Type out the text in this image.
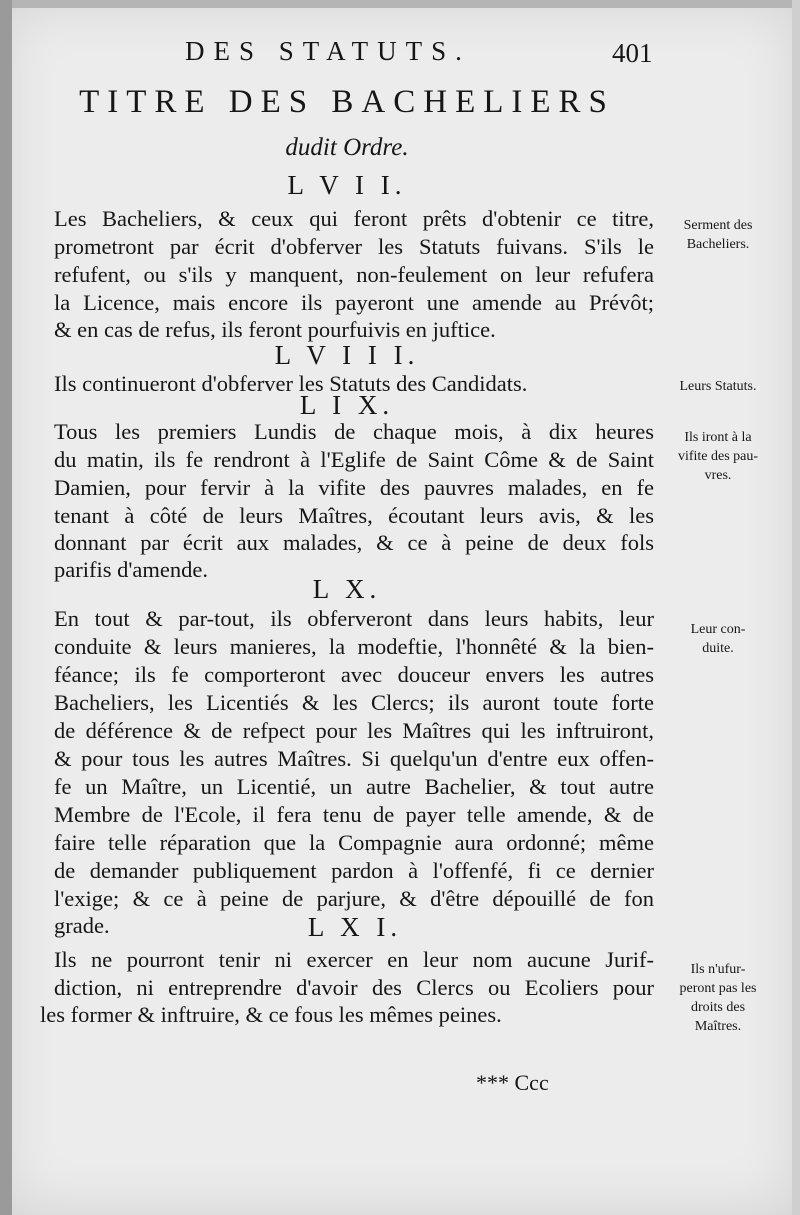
DES STATUTS.	401
TITRE DES BACHELIERS
dudit Ordre.
L V I I.
Les Bacheliers, & ceux qui feront prêts d'obtenir ce titre,
prometront par écrit d'obferver les Statuts fuivans. S'ils le
refufent, ou s'ils y manquent, non-feulement on leur refufera
la Licence, mais encore ils payeront une amende au Prévôt;
& en cas de refus, ils feront pourfuivis en juftice.
Serment des
Bacheliers.
L V I I I.
Ils continueront d'obferver les Statuts des Candidats.	Leurs Statuts.
L I X.
Tous les premiers Lundis de chaque mois, à dix heures
du matin, ils fe rendront à l'Eglife de Saint Côme & de Saint
Damien, pour fervir à la vifite des pauvres malades, en fe
tenant à côté de leurs Maîtres, écoutant leurs avis, & les
donnant par écrit aux malades, & ce à peine de deux fols
parifis d'amende.
Ils iront à la
vifite des pau-
vres.
L X.
En tout & par-tout, ils obferveront dans leurs habits, leur
conduite & leurs manieres, la modeftie, l'honnêté & la bien-
féance; ils fe comporteront avec douceur envers les autres
Bacheliers, les Licentiés & les Clercs; ils auront toute forte
de déférence & de refpect pour les Maîtres qui les inftruiront,
& pour tous les autres Maîtres. Si quelqu'un d'entre eux offen-
fe un Maître, un Licentié, un autre Bachelier, & tout autre
Membre de l'Ecole, il fera tenu de payer telle amende, & de
faire telle réparation que la Compagnie aura ordonné; même
de demander publiquement pardon à l'offenfé, fi ce dernier
l'exige; & ce à peine de parjure, & d'être dépouillé de fon
grade.
Leur con-
duite.
L X I.
Ils ne pourront tenir ni exercer en leur nom aucune Jurif-
diction, ni entreprendre d'avoir des Clercs ou Ecoliers pour
les former & inftruire, & ce fous les mêmes peines.
Ils n'ufur-
peront pas les
droits des
Maîtres.
*** Ccc
